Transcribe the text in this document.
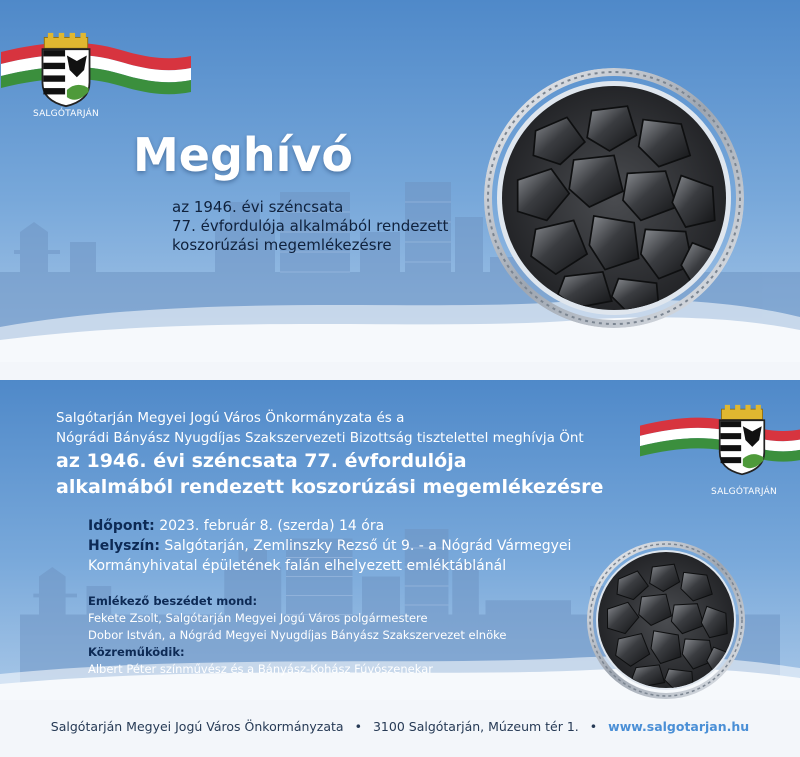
SALGÓTARJÁN
Meghívó
az 1946. évi széncsata
77. évfordulója alkalmából rendezett
koszorúzási megemlékezésre
SALGÓTARJÁN
Salgótarján Megyei Jogú Város Önkormányzata és a
Nógrádi Bányász Nyugdíjas Szakszervezeti Bizottság tisztelettel meghívja Önt
az 1946. évi széncsata 77. évfordulója
alkalmából rendezett koszorúzási megemlékezésre
Időpont: 2023. február 8. (szerda) 14 óra
Helyszín: Salgótarján, Zemlinszky Rezső út 9. - a Nógrád Vármegyei
Kormányhivatal épületének falán elhelyezett emléktáblánál
Emlékező beszédet mond:
Fekete Zsolt, Salgótarján Megyei Jogú Város polgármestere
Dobor István, a Nógrád Megyei Nyugdíjas Bányász Szakszervezet elnöke
Közreműködik:
Albert Péter színművész és a Bányász-Kohász Fúvószenekar
Salgótarján Megyei Jogú Város Önkormányzata • 3100 Salgótarján, Múzeum tér 1. • www.salgotarjan.hu
